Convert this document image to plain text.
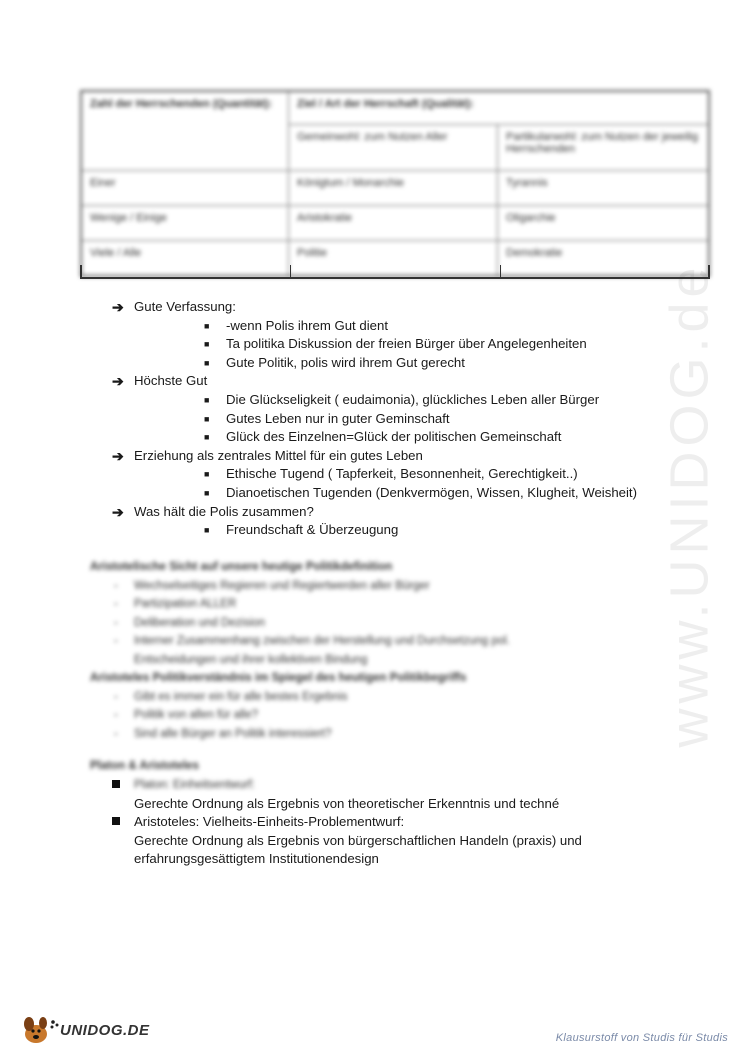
www.UNIDOG.de
Zahl der Herrschenden (Quantität):	Ziel / Art der Herrschaft (Qualität):	
	Gemeinwohl: zum Nutzen Aller	Partikularwohl: zum Nutzen der jeweilig Herrschenden
Einer	Königtum / Monarchie	Tyrannis
Wenige / Einige	Aristokratie	Oligarchie
Viele / Alle	Politie	Demokratie
➔ Gute Verfassung:
■	-wenn Polis ihrem Gut dient
■	Ta politika Diskussion der freien Bürger über Angelegenheiten
■	Gute Politik, polis wird ihrem Gut gerecht
➔ Höchste Gut
■	Die Glückseligkeit ( eudaimonia), glückliches Leben aller Bürger
■	Gutes Leben nur in guter Geminschaft
■	Glück des Einzelnen=Glück der politischen Gemeinschaft
➔ Erziehung als zentrales Mittel für ein gutes Leben
■	Ethische Tugend ( Tapferkeit, Besonnenheit, Gerechtigkeit..)
■	Dianoetischen Tugenden (Denkvermögen, Wissen, Klugheit, Weisheit)
➔ Was hält die Polis zusammen?
■	Freundschaft & Überzeugung
Aristotelische Sicht auf unsere heutige Politikdefinition
-	Wechselseitiges Regieren und Regiertwerden aller Bürger
-	Partizipation ALLER
-	Deliberation und Dezision
-	Interner Zusammenhang zwischen der Herstellung und Durchsetzung pol.
Entscheidungen und ihrer kollektiven Bindung
Aristoteles Politikverständnis im Spiegel des heutigen Politikbegriffs
-	Gibt es immer ein für alle bestes Ergebnis
-	Politik von allen für alle?
-	Sind alle Bürger an Politik interessiert?
Platon & Aristoteles
Platon: Einheitsentwurf:
Gerechte Ordnung als Ergebnis von theoretischer Erkenntnis und techné
Aristoteles: Vielheits-Einheits-Problementwurf:
Gerechte Ordnung als Ergebnis von bürgerschaftlichen Handeln (praxis) und
erfahrungsgesättigtem Institutionendesign
UNIDOG.DE	Klausurstoff von Studis für Studis
